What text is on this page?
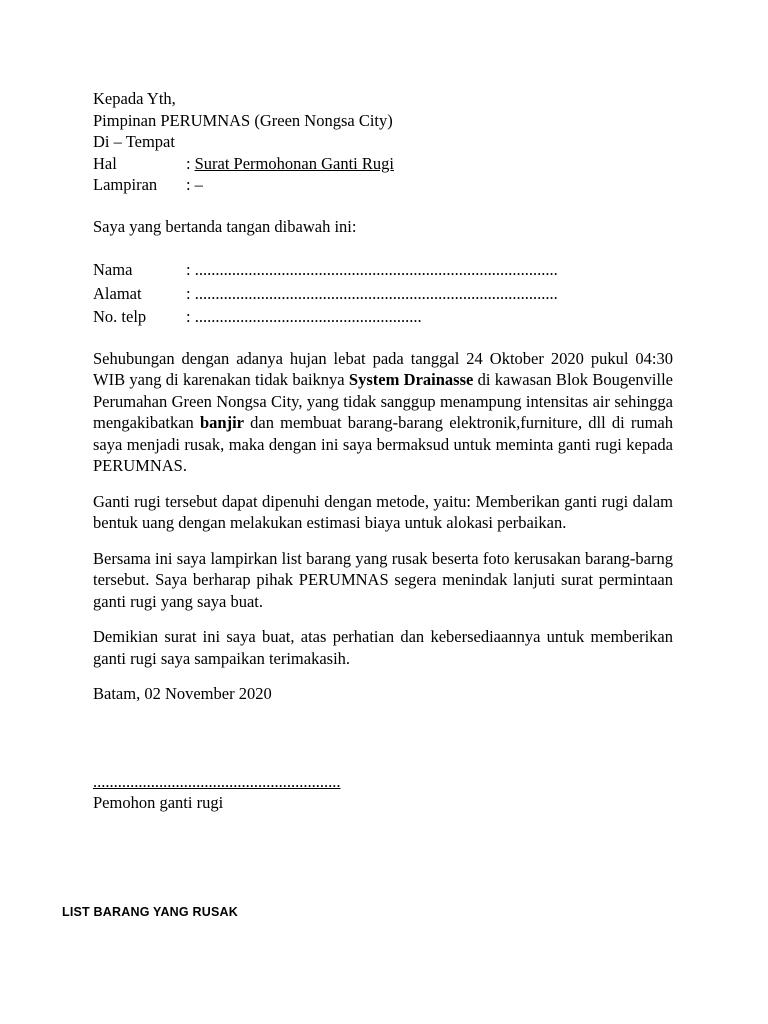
Kepada Yth,
Pimpinan PERUMNAS (Green Nongsa City)
Di – Tempat
Hal	: Surat Permohonan Ganti Rugi
Lampiran	: –
Saya yang bertanda tangan dibawah ini:
Nama	: ........................................................................................
Alamat	: ........................................................................................
No. telp	: .......................................................
Sehubungan dengan adanya hujan lebat pada tanggal 24 Oktober 2020 pukul 04:30 WIB yang di karenakan tidak baiknya System Drainasse di kawasan Blok Bougenville Perumahan Green Nongsa City, yang tidak sanggup menampung intensitas air sehingga mengakibatkan banjir dan membuat barang-barang elektronik,furniture, dll di rumah saya menjadi rusak, maka dengan ini saya bermaksud untuk meminta ganti rugi kepada PERUMNAS.
Ganti rugi tersebut dapat dipenuhi dengan metode, yaitu: Memberikan ganti rugi dalam bentuk uang dengan melakukan estimasi biaya untuk alokasi perbaikan.
Bersama ini saya lampirkan list barang yang rusak beserta foto kerusakan barang-barng tersebut. Saya berharap pihak PERUMNAS segera menindak lanjuti surat permintaan ganti rugi yang saya buat.
Demikian surat ini saya buat, atas perhatian dan kebersediaannya untuk memberikan ganti rugi saya sampaikan terimakasih.
Batam, 02 November 2020
............................................................
Pemohon ganti rugi
LIST BARANG YANG RUSAK
